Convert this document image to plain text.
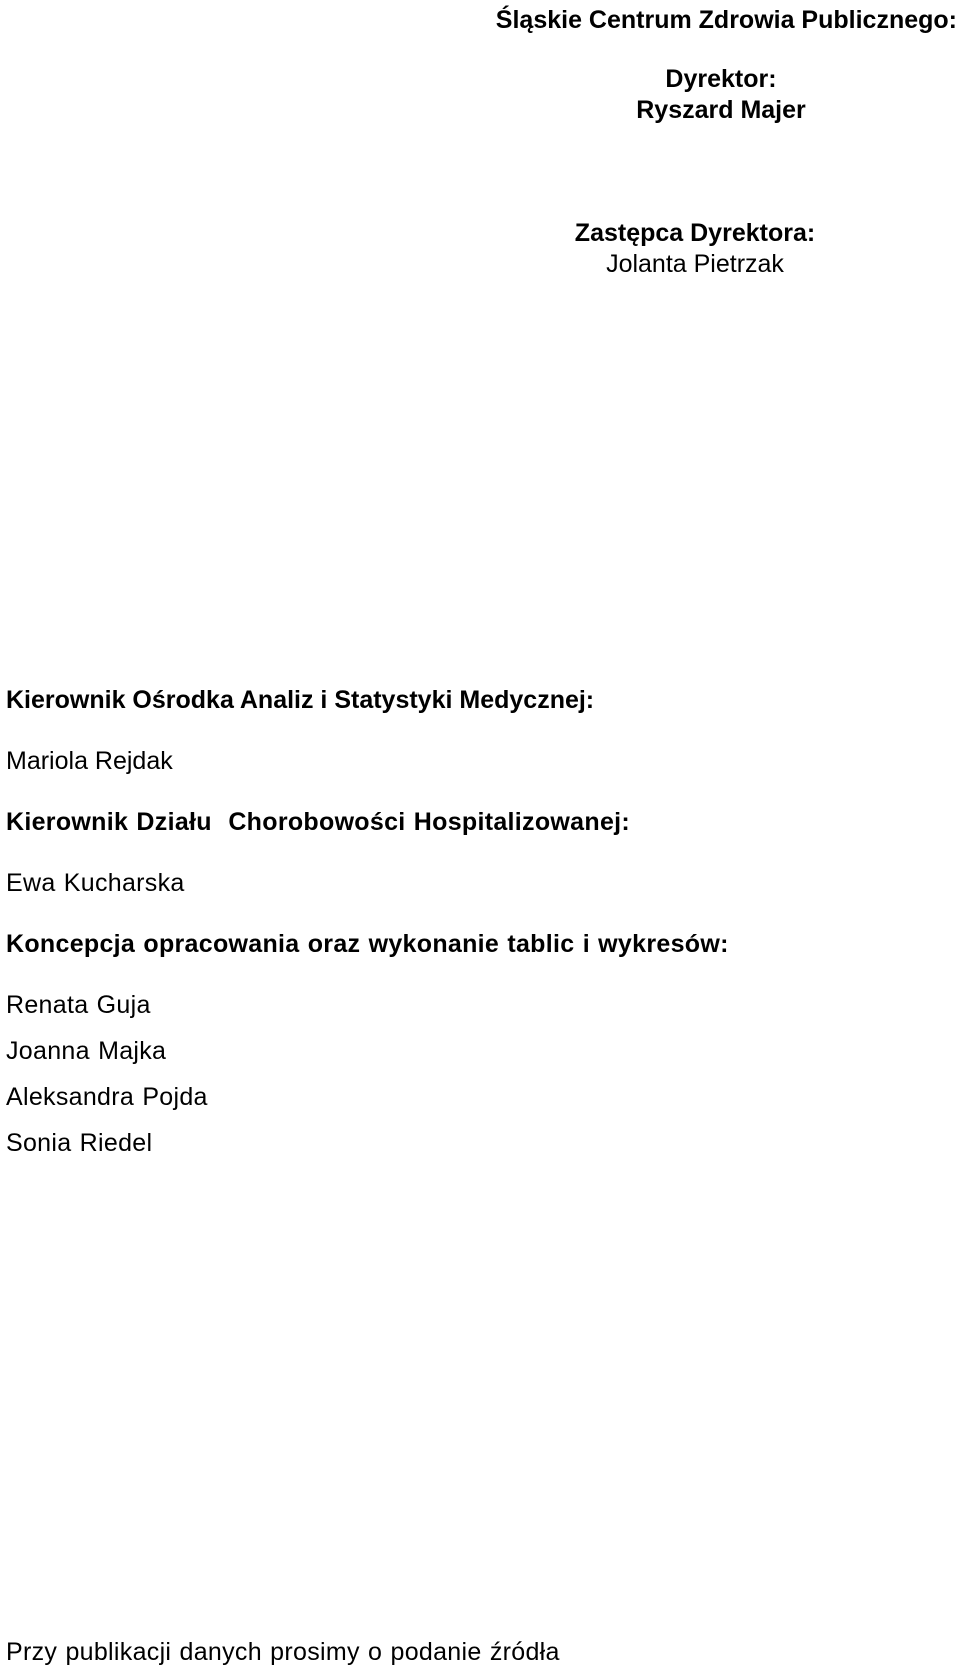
Śląskie Centrum Zdrowia Publicznego:
Dyrektor:
Ryszard Majer
Zastępca Dyrektora:
Jolanta Pietrzak
Kierownik Ośrodka Analiz i Statystyki Medycznej:
Mariola Rejdak
Kierownik Działu  Chorobowości Hospitalizowanej:
Ewa Kucharska
Koncepcja opracowania oraz wykonanie tablic i wykresów:
Renata Guja
Joanna Majka
Aleksandra Pojda
Sonia Riedel
Przy publikacji danych prosimy o podanie źródła
